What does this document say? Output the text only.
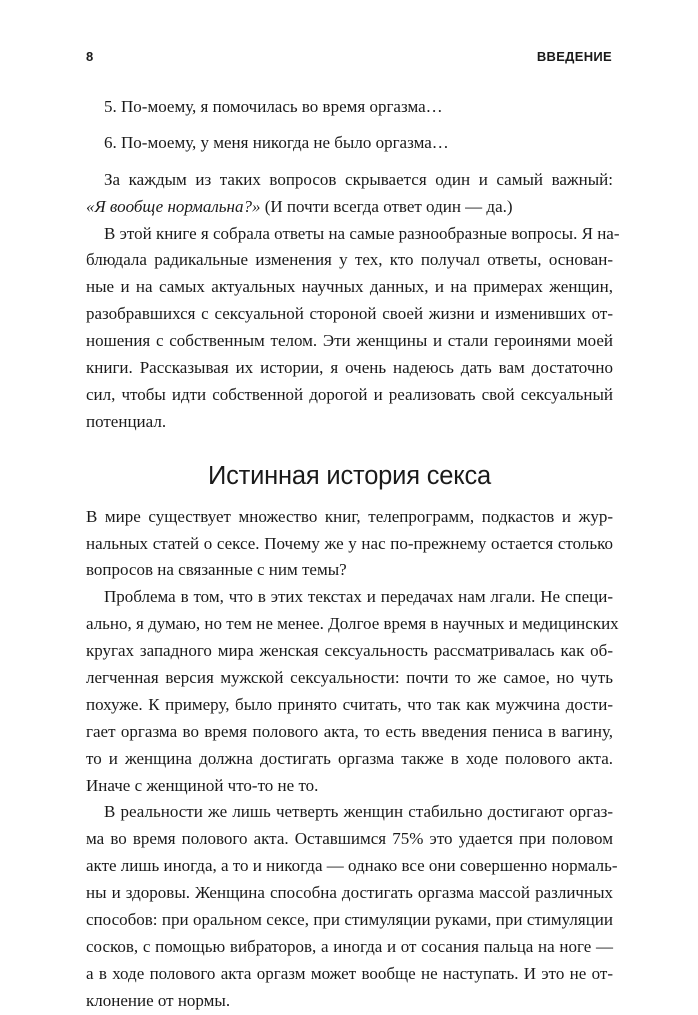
8	ВВЕДЕНИЕ
5. По-моему, я помочилась во время оргазма…
6. По-моему, у меня никогда не было оргазма…
За каждым из таких вопросов скрывается один и самый важный:
«Я вообще нормальна?» (И почти всегда ответ один — да.)
В этой книге я собрала ответы на самые разнообразные вопросы. Я на-
блюдала радикальные изменения у тех, кто получал ответы, основан-
ные и на самых актуальных научных данных, и на примерах женщин,
разобравшихся с сексуальной стороной своей жизни и изменивших от-
ношения с собственным телом. Эти женщины и стали героинями моей
книги. Рассказывая их истории, я очень надеюсь дать вам достаточно
сил, чтобы идти собственной дорогой и реализовать свой сексуальный
потенциал.
Истинная история секса
В мире существует множество книг, телепрограмм, подкастов и жур-
нальных статей о сексе. Почему же у нас по-прежнему остается столько
вопросов на связанные с ним темы?
Проблема в том, что в этих текстах и передачах нам лгали. Не специ-
ально, я думаю, но тем не менее. Долгое время в научных и медицинских
кругах западного мира женская сексуальность рассматривалась как об-
легченная версия мужской сексуальности: почти то же самое, но чуть
похуже. К примеру, было принято считать, что так как мужчина дости-
гает оргазма во время полового акта, то есть введения пениса в вагину,
то и женщина должна достигать оргазма также в ходе полового акта.
Иначе с женщиной что-то не то.
В реальности же лишь четверть женщин стабильно достигают оргаз-
ма во время полового акта. Оставшимся 75% это удается при половом
акте лишь иногда, а то и никогда — однако все они совершенно нормаль-
ны и здоровы. Женщина способна достигать оргазма массой различных
способов: при оральном сексе, при стимуляции руками, при стимуляции
сосков, с помощью вибраторов, а иногда и от сосания пальца на ноге —
а в ходе полового акта оргазм может вообще не наступать. И это не от-
клонение от нормы.
